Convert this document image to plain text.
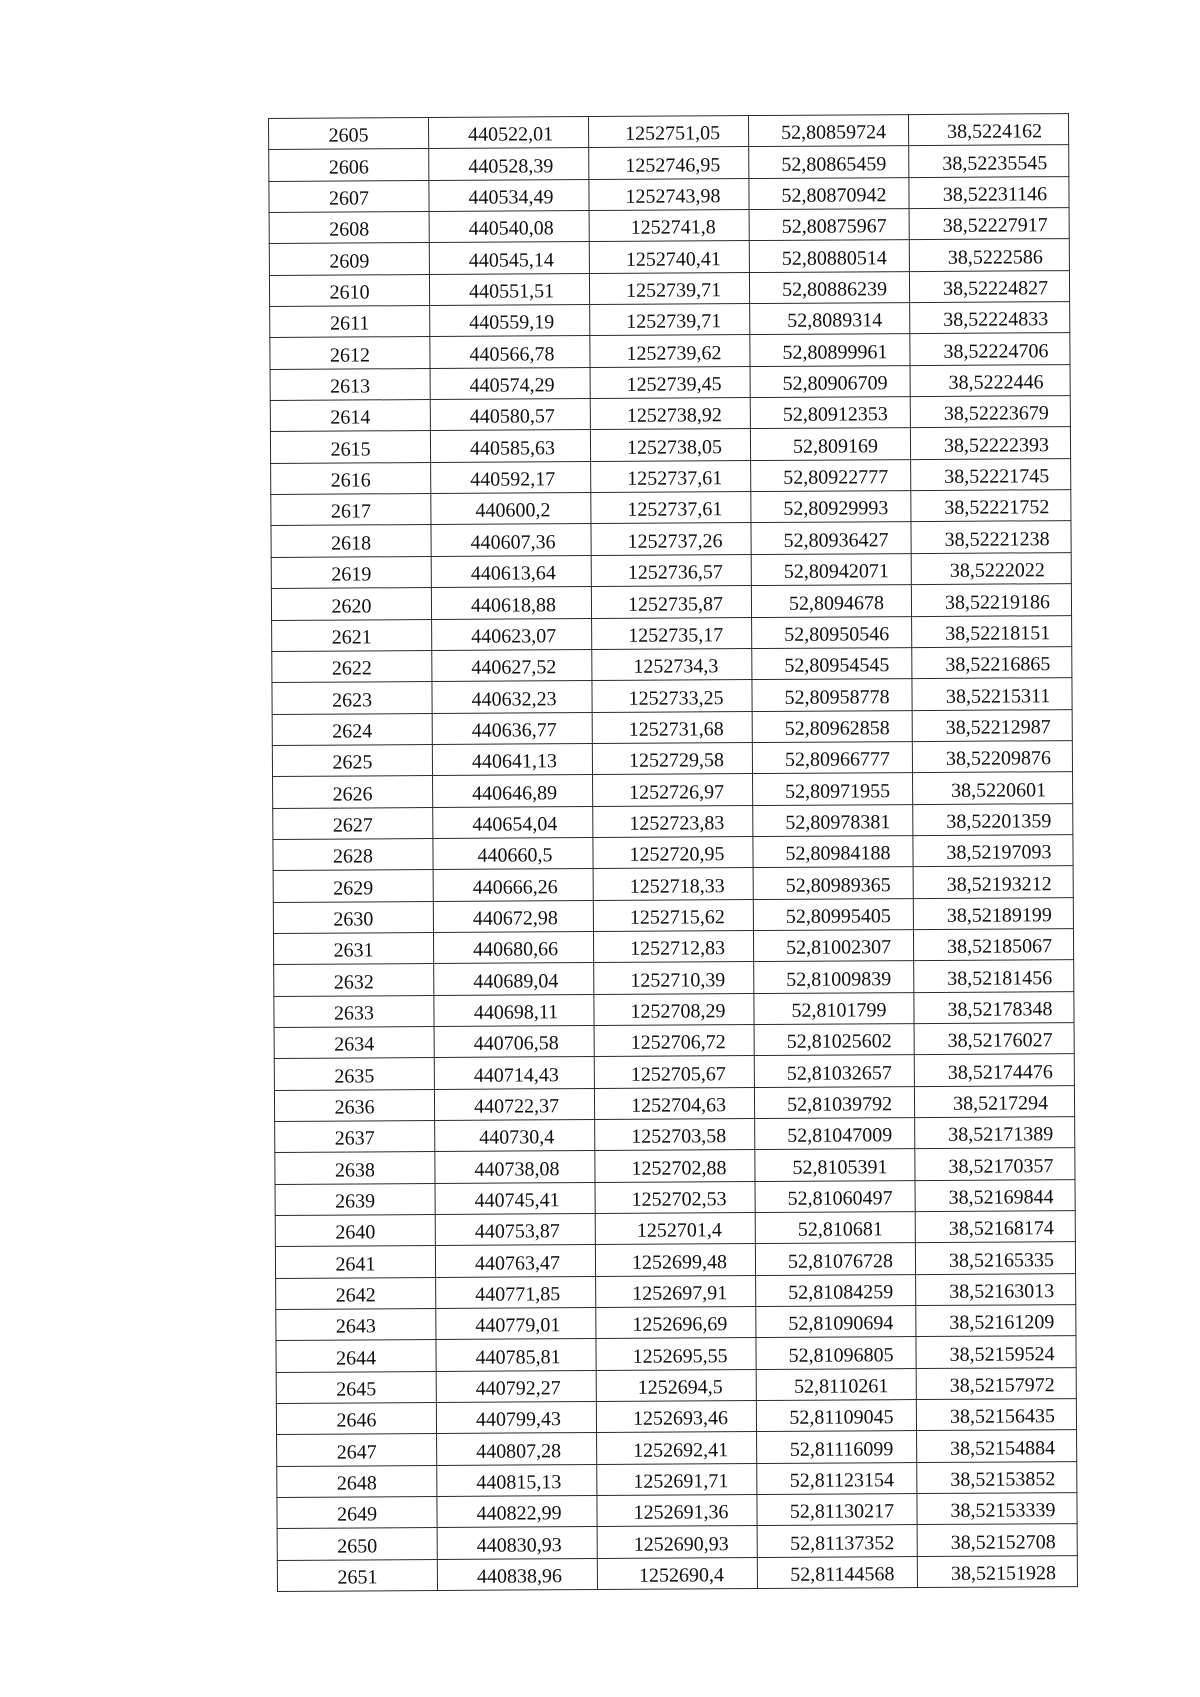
2605	440522,01	1252751,05	52,80859724	38,5224162
2606	440528,39	1252746,95	52,80865459	38,52235545
2607	440534,49	1252743,98	52,80870942	38,52231146
2608	440540,08	1252741,8	52,80875967	38,52227917
2609	440545,14	1252740,41	52,80880514	38,5222586
2610	440551,51	1252739,71	52,80886239	38,52224827
2611	440559,19	1252739,71	52,8089314	38,52224833
2612	440566,78	1252739,62	52,80899961	38,52224706
2613	440574,29	1252739,45	52,80906709	38,5222446
2614	440580,57	1252738,92	52,80912353	38,52223679
2615	440585,63	1252738,05	52,809169	38,52222393
2616	440592,17	1252737,61	52,80922777	38,52221745
2617	440600,2	1252737,61	52,80929993	38,52221752
2618	440607,36	1252737,26	52,80936427	38,52221238
2619	440613,64	1252736,57	52,80942071	38,5222022
2620	440618,88	1252735,87	52,8094678	38,52219186
2621	440623,07	1252735,17	52,80950546	38,52218151
2622	440627,52	1252734,3	52,80954545	38,52216865
2623	440632,23	1252733,25	52,80958778	38,52215311
2624	440636,77	1252731,68	52,80962858	38,52212987
2625	440641,13	1252729,58	52,80966777	38,52209876
2626	440646,89	1252726,97	52,80971955	38,5220601
2627	440654,04	1252723,83	52,80978381	38,52201359
2628	440660,5	1252720,95	52,80984188	38,52197093
2629	440666,26	1252718,33	52,80989365	38,52193212
2630	440672,98	1252715,62	52,80995405	38,52189199
2631	440680,66	1252712,83	52,81002307	38,52185067
2632	440689,04	1252710,39	52,81009839	38,52181456
2633	440698,11	1252708,29	52,8101799	38,52178348
2634	440706,58	1252706,72	52,81025602	38,52176027
2635	440714,43	1252705,67	52,81032657	38,52174476
2636	440722,37	1252704,63	52,81039792	38,5217294
2637	440730,4	1252703,58	52,81047009	38,52171389
2638	440738,08	1252702,88	52,8105391	38,52170357
2639	440745,41	1252702,53	52,81060497	38,52169844
2640	440753,87	1252701,4	52,810681	38,52168174
2641	440763,47	1252699,48	52,81076728	38,52165335
2642	440771,85	1252697,91	52,81084259	38,52163013
2643	440779,01	1252696,69	52,81090694	38,52161209
2644	440785,81	1252695,55	52,81096805	38,52159524
2645	440792,27	1252694,5	52,8110261	38,52157972
2646	440799,43	1252693,46	52,81109045	38,52156435
2647	440807,28	1252692,41	52,81116099	38,52154884
2648	440815,13	1252691,71	52,81123154	38,52153852
2649	440822,99	1252691,36	52,81130217	38,52153339
2650	440830,93	1252690,93	52,81137352	38,52152708
2651	440838,96	1252690,4	52,81144568	38,52151928
